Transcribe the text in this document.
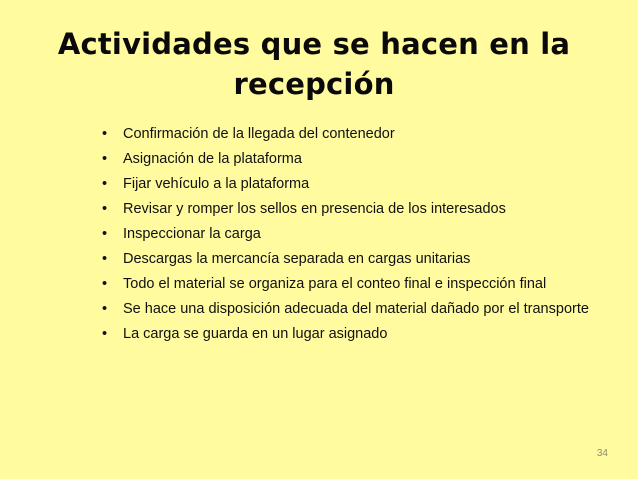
Actividades que se hacen en la recepción
•	Confirmación de la llegada del contenedor
•	Asignación de la plataforma
•	Fijar vehículo a la plataforma
•	Revisar y romper los sellos en presencia de los interesados
•	Inspeccionar la carga
•	Descargas la mercancía separada en cargas unitarias
•	Todo el material se organiza para el conteo final e inspección final
•	Se hace una disposición adecuada del material dañado por el transporte
•	La carga se guarda en un lugar asignado
34
